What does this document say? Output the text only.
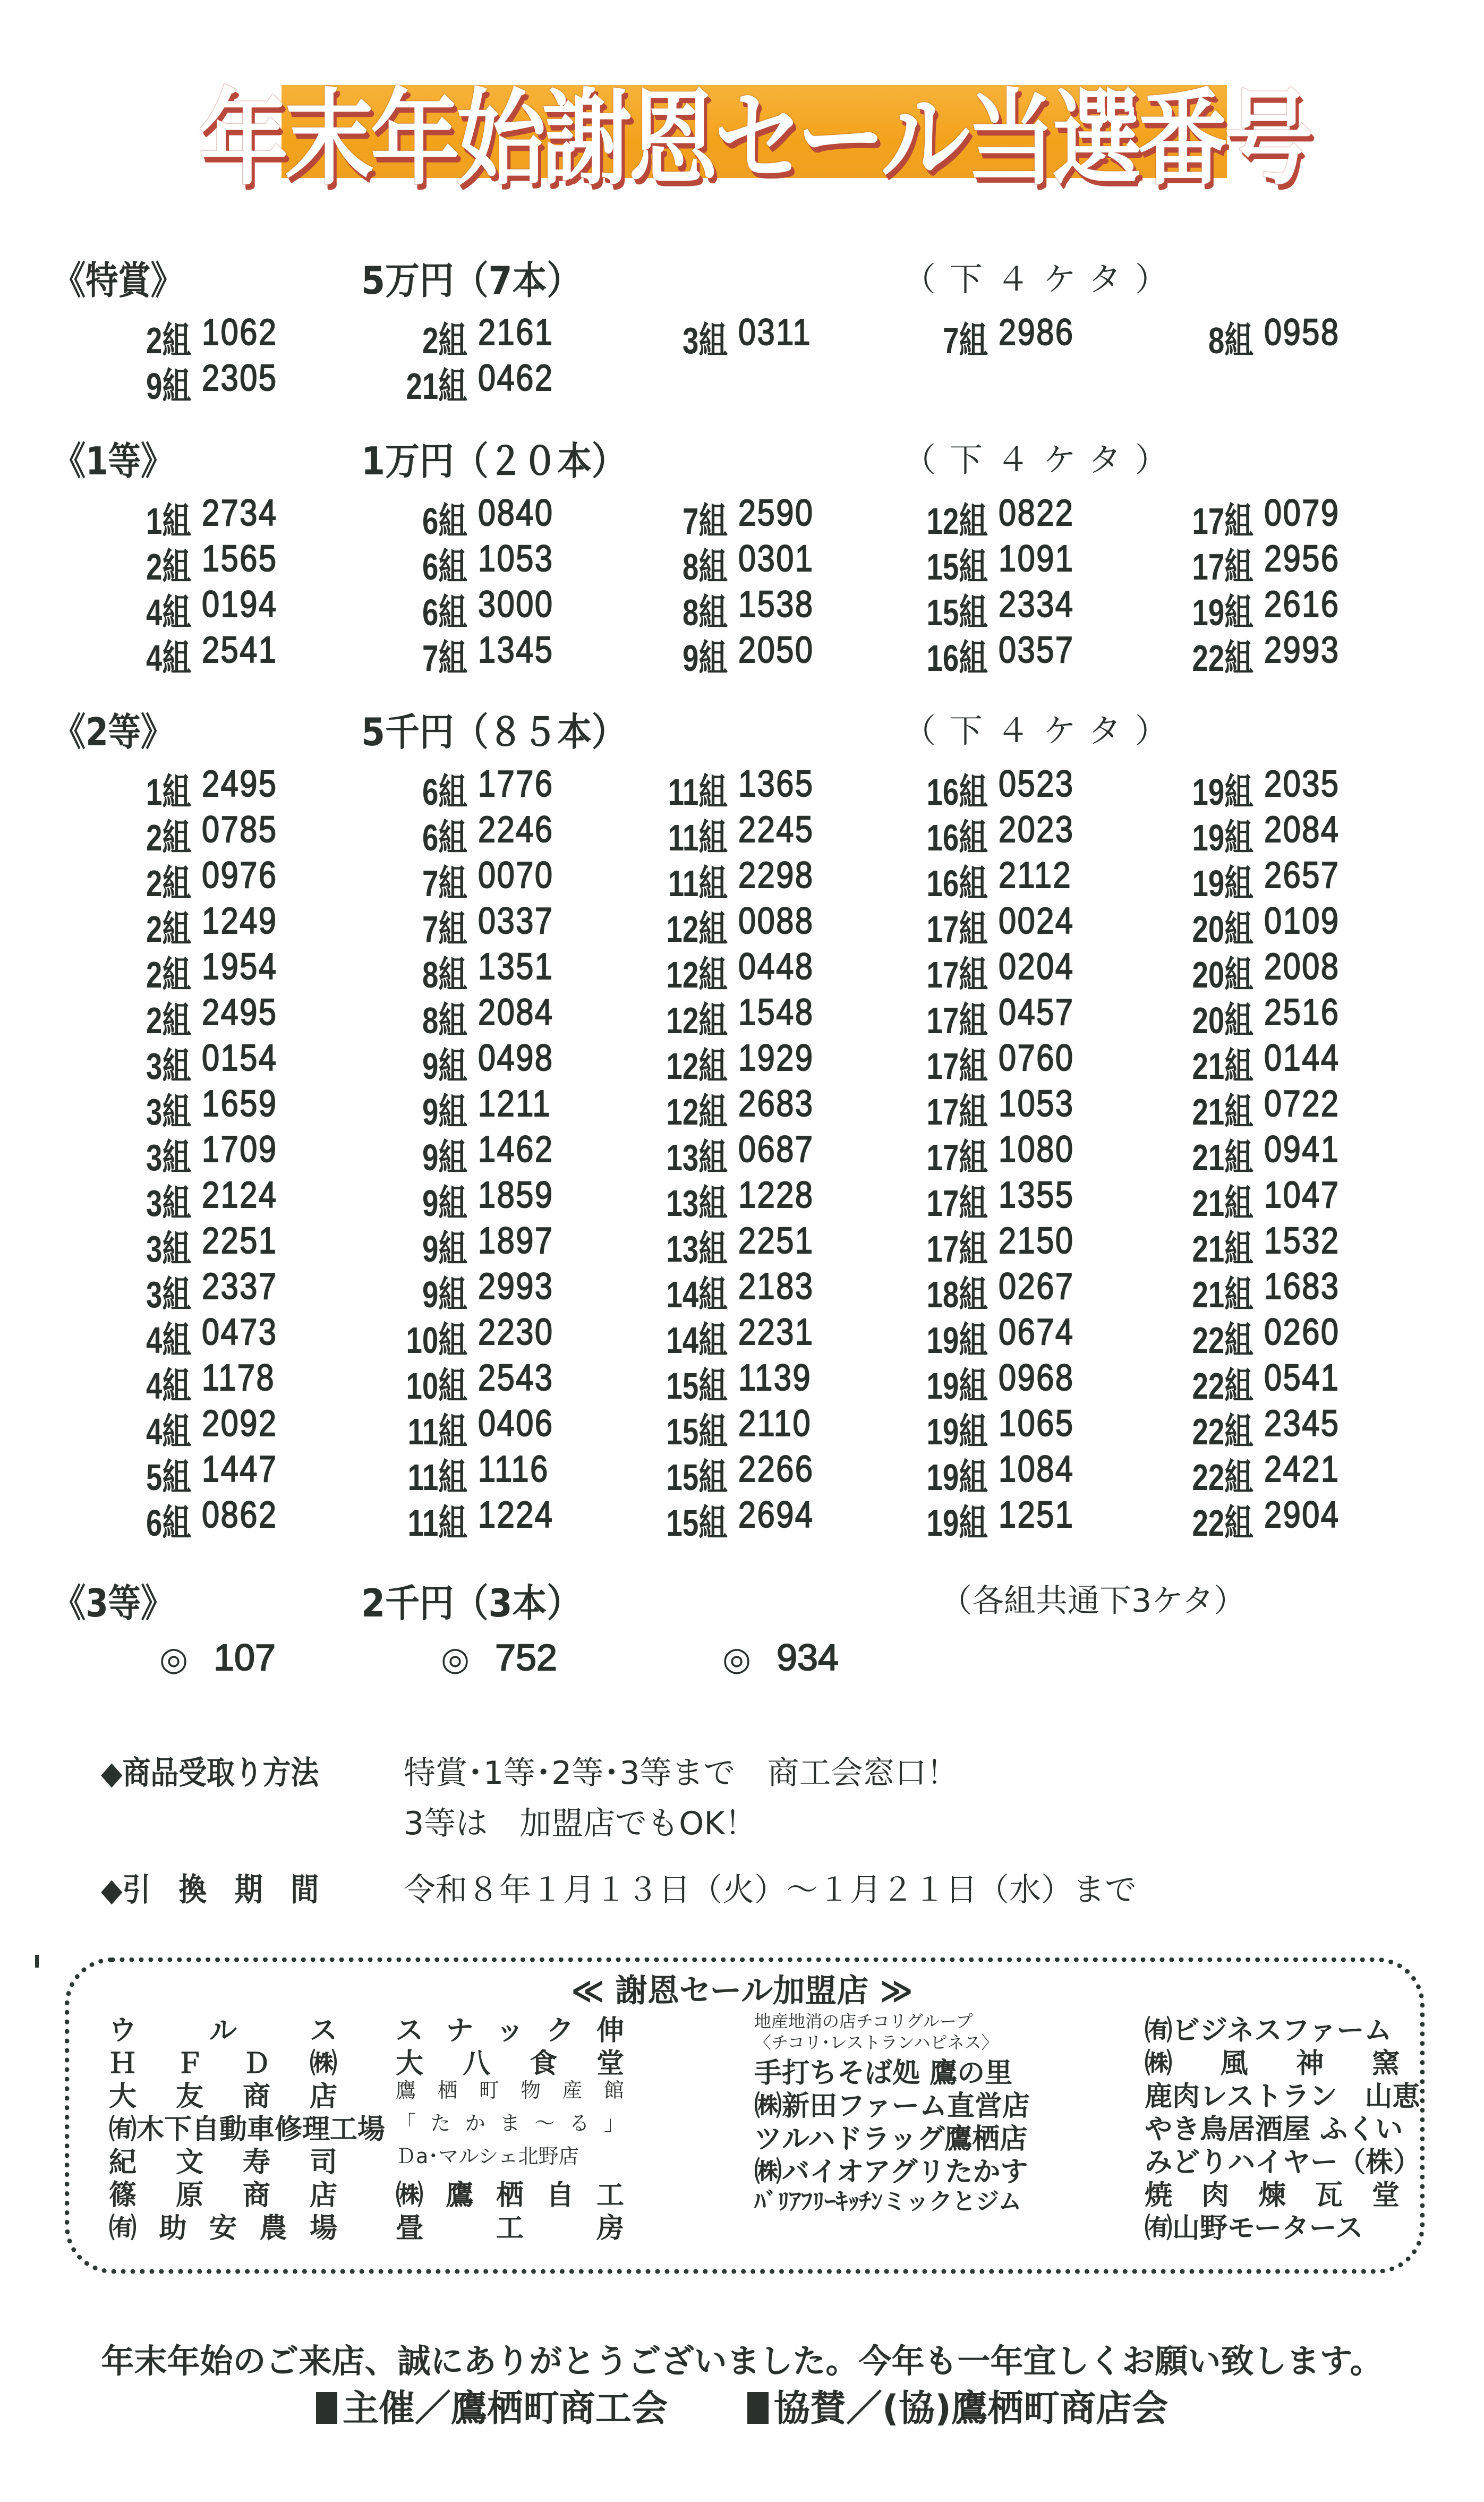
年末年始謝恩セール当選番号
《特賞》	5万円（7本）	（下４ケタ）
2組 1062	2組 2161	3組 0311	7組 2986	8組 0958
9組 2305	21組 0462
《1等》	1万円（２０本）	（下４ケタ）
1組 2734	6組 0840	7組 2590	12組 0822	17組 0079
2組 1565	6組 1053	8組 0301	15組 1091	17組 2956
4組 0194	6組 3000	8組 1538	15組 2334	19組 2616
4組 2541	7組 1345	9組 2050	16組 0357	22組 2993
《2等》	5千円（８５本）	（下４ケタ）
1組 2495	6組 1776	11組 1365	16組 0523	19組 2035
2組 0785	6組 2246	11組 2245	16組 2023	19組 2084
2組 0976	7組 0070	11組 2298	16組 2112	19組 2657
2組 1249	7組 0337	12組 0088	17組 0024	20組 0109
2組 1954	8組 1351	12組 0448	17組 0204	20組 2008
2組 2495	8組 2084	12組 1548	17組 0457	20組 2516
3組 0154	9組 0498	12組 1929	17組 0760	21組 0144
3組 1659	9組 1211	12組 2683	17組 1053	21組 0722
3組 1709	9組 1462	13組 0687	17組 1080	21組 0941
3組 2124	9組 1859	13組 1228	17組 1355	21組 1047
3組 2251	9組 1897	13組 2251	17組 2150	21組 1532
3組 2337	9組 2993	14組 2183	18組 0267	21組 1683
4組 0473	10組 2230	14組 2231	19組 0674	22組 0260
4組 1178	10組 2543	15組 1139	19組 0968	22組 0541
4組 2092	11組 0406	15組 2110	19組 1065	22組 2345
5組 1447	11組 1116	15組 2266	19組 1084	22組 2421
6組 0862	11組 1224	15組 2694	19組 1251	22組 2904
《3等》	2千円（3本）	（各組共通下3ケタ）
◎ 107	◎ 752	◎ 934
◆商品受取り方法	特賞･1等･2等･3等まで　商工会窓口！
3等は　加盟店でもOK！
◆引　換　期　間	令和８年１月１３日（火）～１月２１日（水）まで
≪ 謝恩セール加盟店 ≫
ウ	ル	ス
Ｈ Ｆ Ｄ ㈱
大 友 商 店
㈲木下自動車修理工場
紀 文 寿 司
篠 原 商 店
㈲ 助 安 農 場
ス ナ ッ ク 伸
大 八 食 堂
鷹 栖 町 物 産 館
「 た か ま ～ る 」
Ｄa･マルシェ北野店
㈱ 鷹 栖 自 工
畳	工	房
地産地消の店チコリグループ
〈チコリ･レストランハピネス〉
手打ちそば処 鷹の里
㈱新田ファーム直営店
ツルハドラッグ鷹栖店
㈱バイオアグリたかす
ﾊﾞﾘｱﾌﾘｰｷｯﾁﾝミックとジム
㈲ビジネスファーム
㈱ 風 神 窯
鹿肉レストラン　山恵
やき鳥居酒屋 ふくい
みどりハイヤー（株）
焼 肉 煉 瓦 堂
㈲山野モータース
年末年始のご来店、誠にありがとうございました。今年も一年宜しくお願い致します。
主催／鷹栖町商工会	協賛／(協)鷹栖町商店会
